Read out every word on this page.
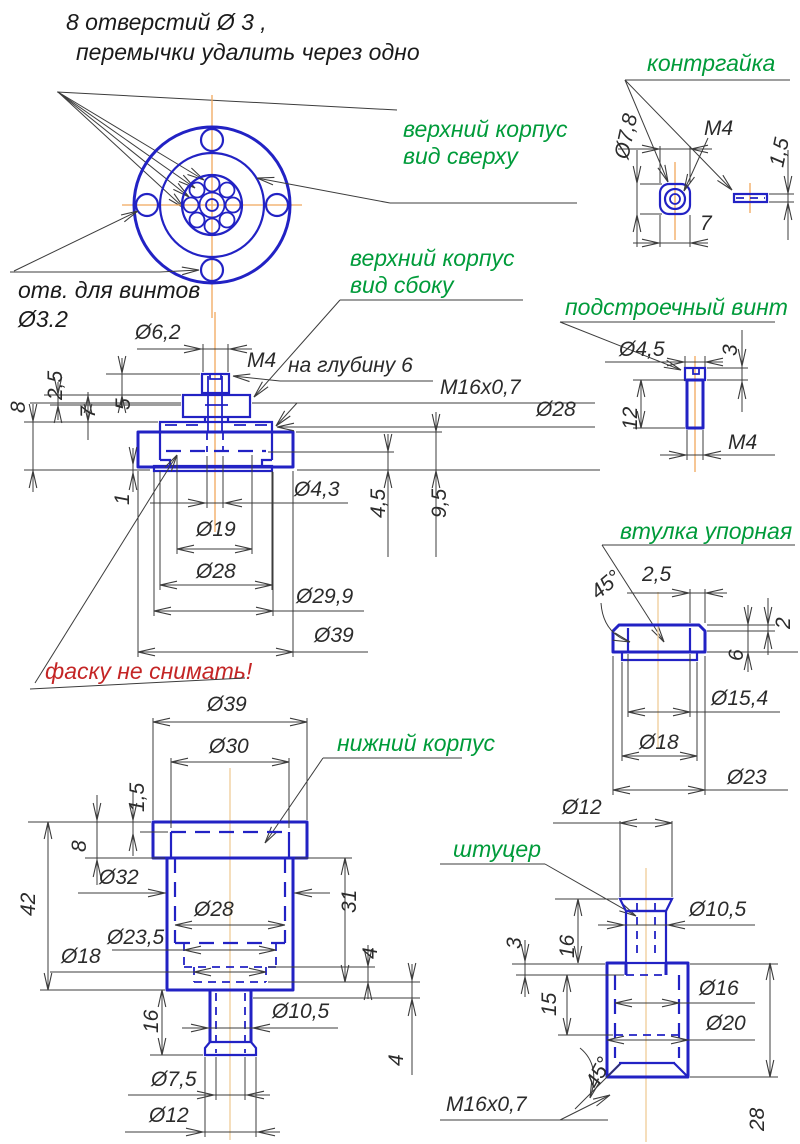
8 отверстий Ø 3 ,
перемычки удалить через одно
верхний корпус
вид сверху
отв. для винтов
Ø3.2
контргайка
Ø7,8	M4
7
1,5
верхний корпус
вид сбоку
Ø6,2
M4 на глубину 6
M16x0,7
Ø28
Ø4,3
Ø19
Ø28
Ø29,9
Ø39
8
2,5
7
5
1	4,5 9,5
фаску не снимать!
подстроечный винт
Ø4,5	3
12
M4
втулка упорная
45° 2,5
2
6
Ø15,4
Ø18
Ø23
нижний корпус
Ø39
Ø30
1,5
8
Ø32
42	Ø28	31
4
Ø23,5
Ø18
16	Ø10,5
4
Ø7,5
Ø12
штуцер
Ø12
Ø10,5
16
3
15
Ø16
Ø20
45°
M16x0,7
28
